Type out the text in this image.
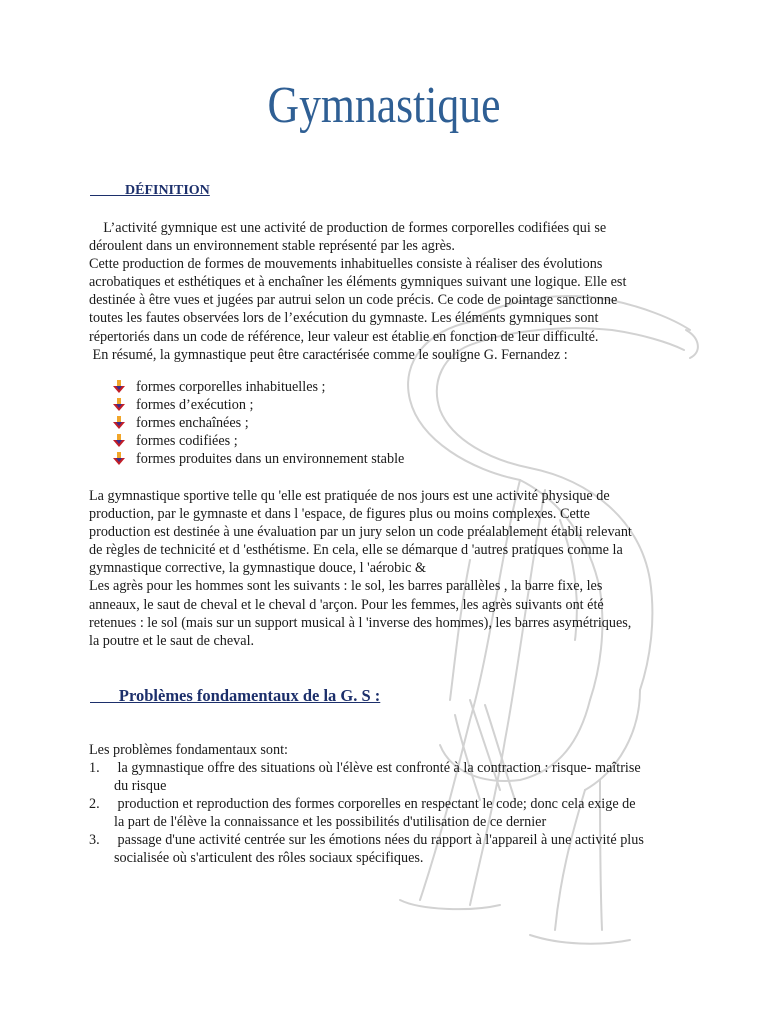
Gymnastique
DÉFINITION
L’activité gymnique est une activité de production de formes corporelles codifiées qui se
déroulent dans un environnement stable représenté par les agrès.
Cette production de formes de mouvements inhabituelles consiste à réaliser des évolutions
acrobatiques et esthétiques et à enchaîner les éléments gymniques suivant une logique. Elle est
destinée à être vues et jugées par autrui selon un code précis. Ce code de pointage sanctionne
toutes les fautes observées lors de l’exécution du gymnaste. Les éléments gymniques sont
répertoriés dans un code de référence, leur valeur est établie en fonction de leur difficulté.
En résumé, la gymnastique peut être caractérisée comme le souligne G. Fernandez :
formes corporelles inhabituelles ;
formes d’exécution ;
formes enchaînées ;
formes codifiées ;
formes produites dans un environnement stable
La gymnastique sportive telle qu 'elle est pratiquée de nos jours est une activité physique de
production, par le gymnaste et dans l 'espace, de figures plus ou moins complexes. Cette
production est destinée à une évaluation par un jury selon un code préalablement établi relevant
de règles de technicité et d 'esthétisme. En cela, elle se démarque d 'autres pratiques comme la
gymnastique corrective, la gymnastique douce, l 'aérobic &
Les agrès pour les hommes sont les suivants : le sol, les barres parallèles , la barre fixe, les
anneaux, le saut de cheval et le cheval d 'arçon. Pour les femmes, les agrès suivants ont été
retenues : le sol (mais sur un support musical à l 'inverse des hommes), les barres asymétriques,
la poutre et le saut de cheval.
Problèmes fondamentaux de la G. S :
Les problèmes fondamentaux sont:
1. la gymnastique offre des situations où l'élève est confronté à la contraction : risque- maîtrise
du risque
2. production et reproduction des formes corporelles en respectant le code; donc cela exige de
la part de l'élève la connaissance et les possibilités d'utilisation de ce dernier
3. passage d'une activité centrée sur les émotions nées du rapport à l'appareil à une activité plus
socialisée où s'articulent des rôles sociaux spécifiques.
